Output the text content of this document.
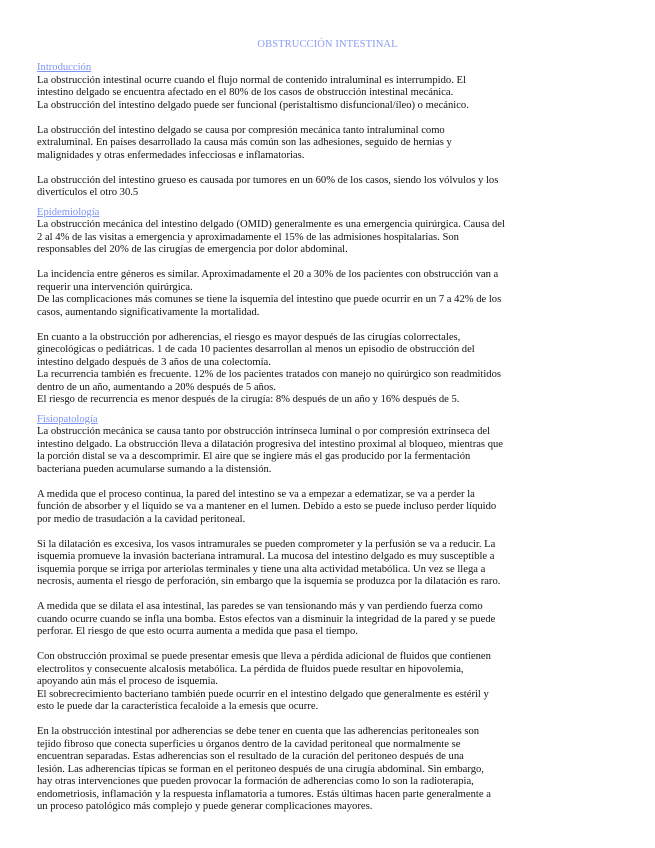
OBSTRUCCIÓN INTESTINAL
Introducción
La obstrucción intestinal ocurre cuando el flujo normal de contenido intraluminal es interrumpido. El
intestino delgado se encuentra afectado en el 80% de los casos de obstrucción intestinal mecánica.
La obstrucción del intestino delgado puede ser funcional (peristaltismo disfuncional/íleo) o mecánico.
La obstrucción del intestino delgado se causa por compresión mecánica tanto intraluminal como
extraluminal. En países desarrollado la causa más común son las adhesiones, seguido de hernias y
malignidades y otras enfermedades infecciosas e inflamatorias.
La obstrucción del intestino grueso es causada por tumores en un 60% de los casos, siendo los vólvulos y los
divertículos el otro 30.5
Epidemiología
La obstrucción mecánica del intestino delgado (OMID) generalmente es una emergencia quirúrgica. Causa del
2 al 4% de las visitas a emergencia y aproximadamente el 15% de las admisiones hospitalarias. Son
responsables del 20% de las cirugías de emergencia por dolor abdominal.
La incidencia entre géneros es similar. Aproximadamente el 20 a 30% de los pacientes con obstrucción van a
requerir una intervención quirúrgica.
De las complicaciones más comunes se tiene la isquemia del intestino que puede ocurrir en un 7 a 42% de los
casos, aumentando significativamente la mortalidad.
En cuanto a la obstrucción por adherencias, el riesgo es mayor después de las cirugías colorrectales,
ginecológicas o pediátricas. 1 de cada 10 pacientes desarrollan al menos un episodio de obstrucción del
intestino delgado después de 3 años de una colectomía.
La recurrencia también es frecuente. 12% de los pacientes tratados con manejo no quirúrgico son readmitidos
dentro de un año, aumentando a 20% después de 5 años.
El riesgo de recurrencia es menor después de la cirugía: 8% después de un año y 16% después de 5.
Fisiopatología
La obstrucción mecánica se causa tanto por obstrucción intrínseca luminal o por compresión extrínseca del
intestino delgado. La obstrucción lleva a dilatación progresiva del intestino proximal al bloqueo, mientras que
la porción distal se va a descomprimir. El aire que se ingiere más el gas producido por la fermentación
bacteriana pueden acumularse sumando a la distensión.
A medida que el proceso continua, la pared del intestino se va a empezar a edematizar, se va a perder la
función de absorber y el líquido se va a mantener en el lumen. Debido a esto se puede incluso perder líquido
por medio de trasudación a la cavidad peritoneal.
Si la dilatación es excesiva, los vasos intramurales se pueden comprometer y la perfusión se va a reducir. La
isquemia promueve la invasión bacteriana intramural. La mucosa del intestino delgado es muy susceptible a
isquemia porque se irriga por arteriolas terminales y tiene una alta actividad metabólica. Un vez se llega a
necrosis, aumenta el riesgo de perforación, sin embargo que la isquemia se produzca por la dilatación es raro.
A medida que se dilata el asa intestinal, las paredes se van tensionando más y van perdiendo fuerza como
cuando ocurre cuando se infla una bomba. Estos efectos van a disminuir la integridad de la pared y se puede
perforar. El riesgo de que esto ocurra aumenta a medida que pasa el tiempo.
Con obstrucción proximal se puede presentar emesis que lleva a pérdida adicional de fluidos que contienen
electrolitos y consecuente alcalosis metabólica. La pérdida de fluidos puede resultar en hipovolemia,
apoyando aún más el proceso de isquemia.
El sobrecrecimiento bacteriano también puede ocurrir en el intestino delgado que generalmente es estéril y
esto le puede dar la característica fecaloide a la emesis que ocurre.
En la obstrucción intestinal por adherencias se debe tener en cuenta que las adherencias peritoneales son
tejido fibroso que conecta superficies u órganos dentro de la cavidad peritoneal que normalmente se
encuentran separadas. Estas adherencias son el resultado de la curación del peritoneo después de una
lesión. Las adherencias típicas se forman en el peritoneo después de una cirugía abdominal. Sin embargo,
hay otras intervenciones que pueden provocar la formación de adherencias como lo son la radioterapia,
endometriosis, inflamación y la respuesta inflamatoria a tumores. Estás últimas hacen parte generalmente a
un proceso patológico más complejo y puede generar complicaciones mayores.
